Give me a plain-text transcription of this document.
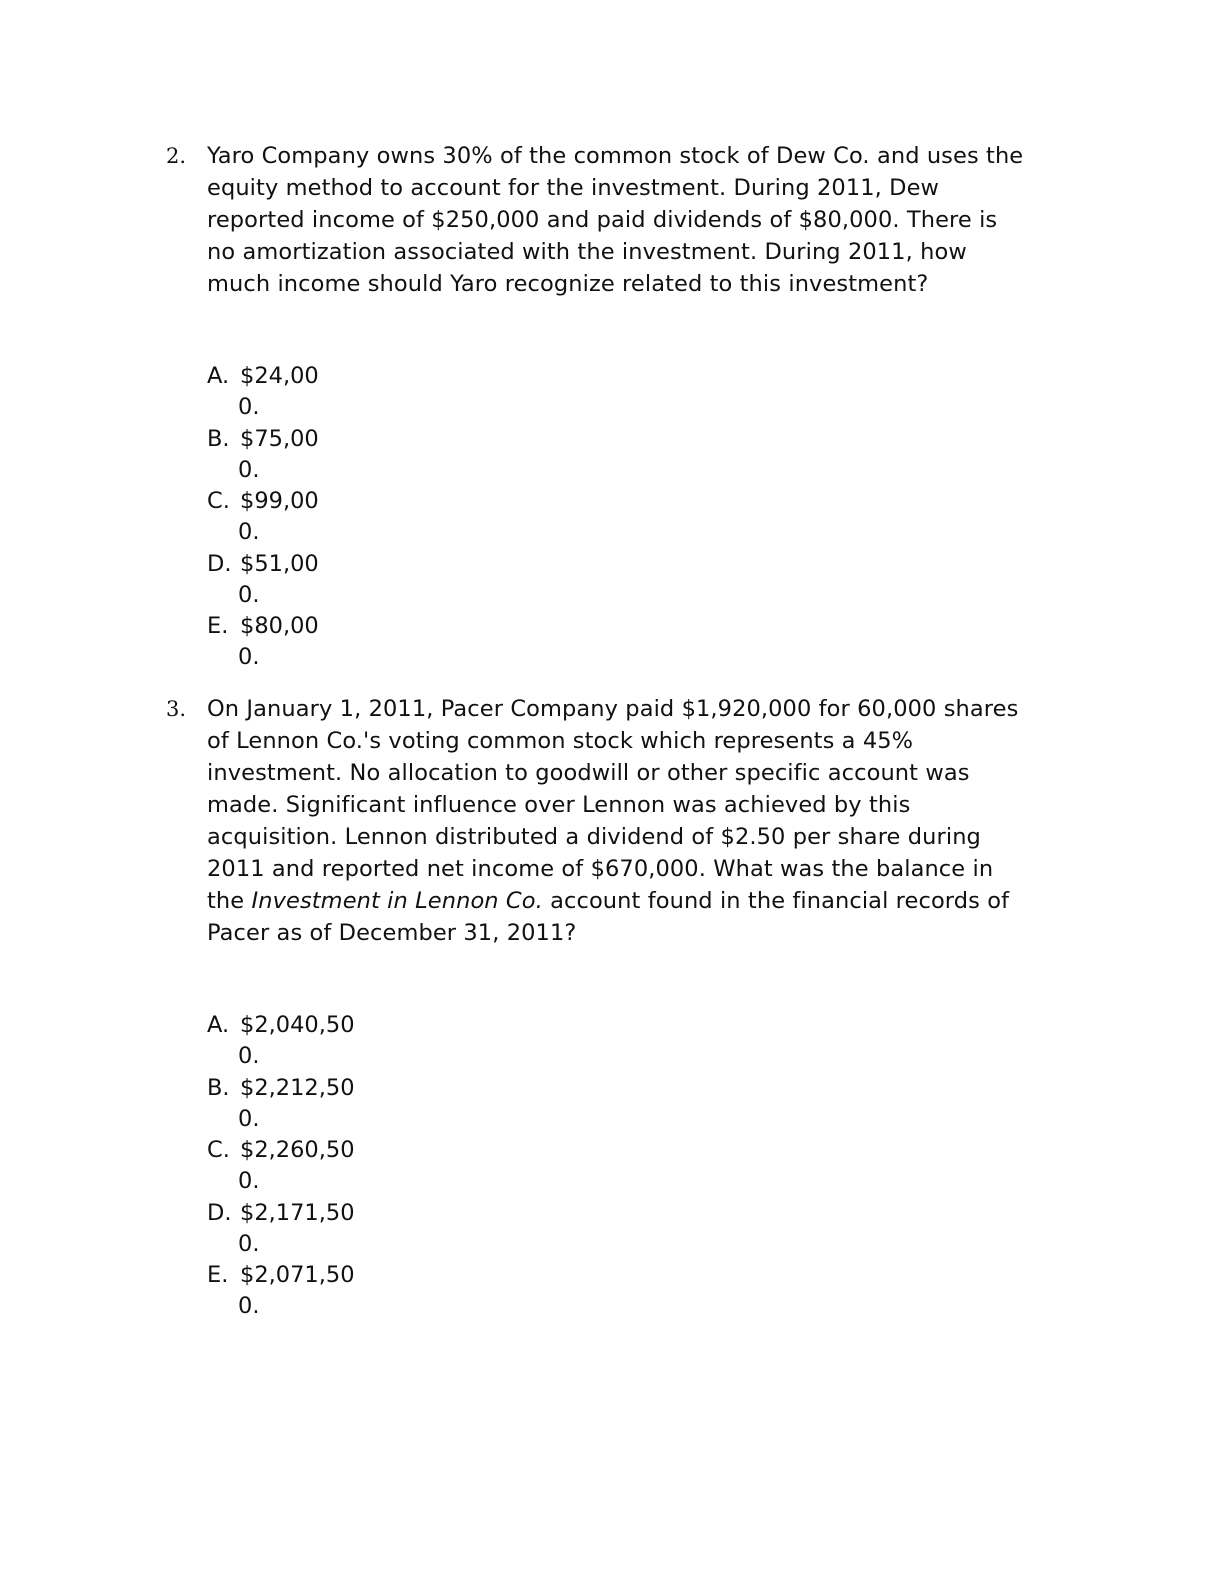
2. Yaro Company owns 30% of the common stock of Dew Co. and uses the
equity method to account for the investment. During 2011, Dew
reported income of $250,000 and paid dividends of $80,000. There is
no amortization associated with the investment. During 2011, how
much income should Yaro recognize related to this investment?
A. $24,00
0.
B. $75,00
0.
C. $99,00
0.
D. $51,00
0.
E. $80,00
0.
3. On January 1, 2011, Pacer Company paid $1,920,000 for 60,000 shares
of Lennon Co.'s voting common stock which represents a 45%
investment. No allocation to goodwill or other specific account was
made. Significant influence over Lennon was achieved by this
acquisition. Lennon distributed a dividend of $2.50 per share during
2011 and reported net income of $670,000. What was the balance in
the Investment in Lennon Co. account found in the financial records of
Pacer as of December 31, 2011?
A. $2,040,50
0.
B. $2,212,50
0.
C. $2,260,50
0.
D. $2,171,50
0.
E. $2,071,50
0.
